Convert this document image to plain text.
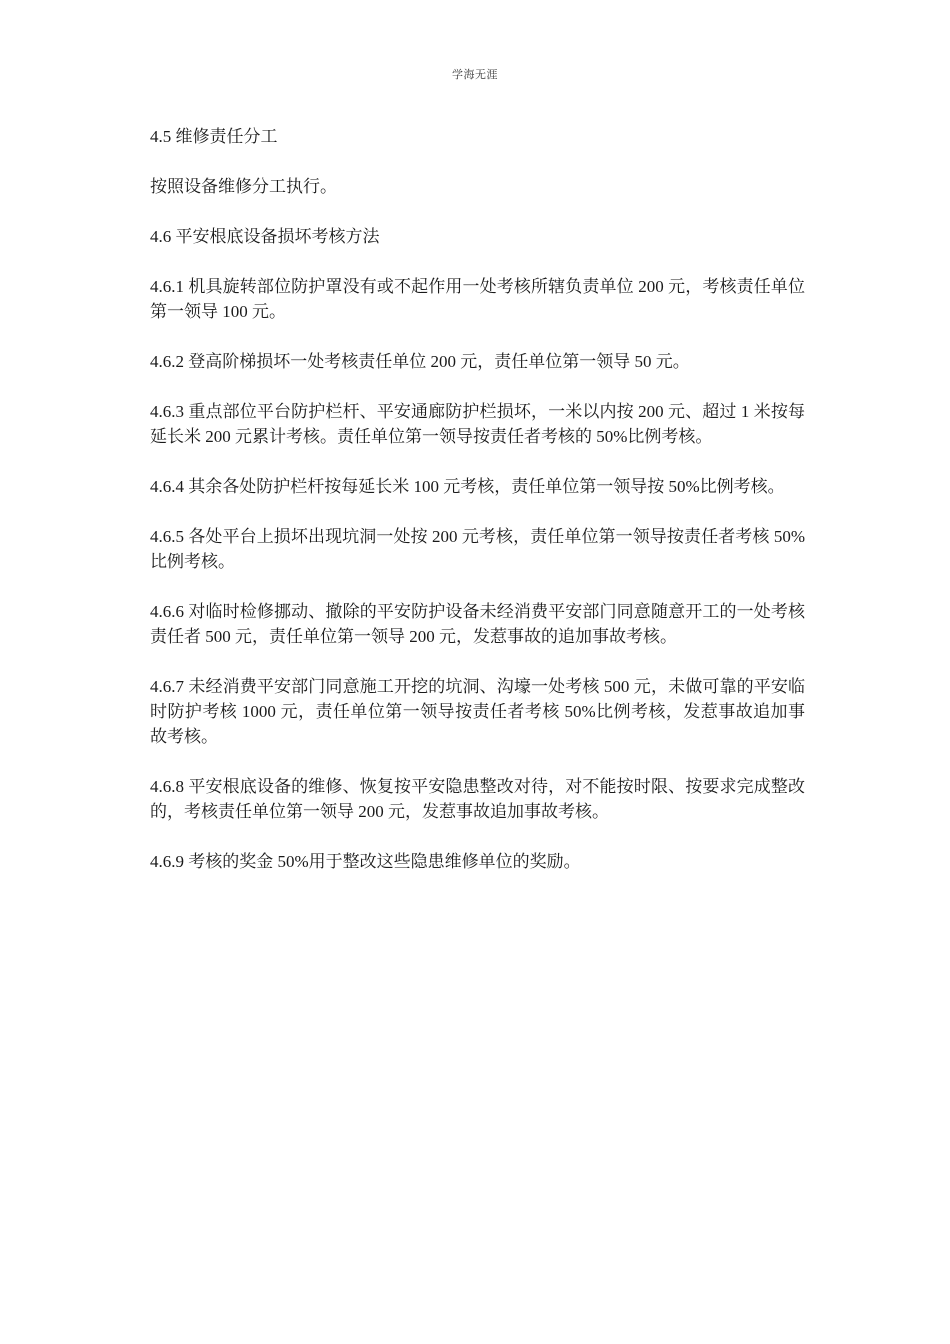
学海无涯

4.5 维修责任分工

按照设备维修分工执行。

4.6 平安根底设备损坏考核方法

4.6.1 机具旋转部位防护罩没有或不起作用一处考核所辖负责单位 200 元，考核责任单位第一领导 100 元。

4.6.2 登高阶梯损坏一处考核责任单位 200 元，责任单位第一领导 50 元。

4.6.3 重点部位平台防护栏杆、平安通廊防护栏损坏，一米以内按 200 元、超过 1 米按每延长米 200 元累计考核。责任单位第一领导按责任者考核的 50%比例考核。

4.6.4 其余各处防护栏杆按每延长米 100 元考核，责任单位第一领导按 50%比例考核。

4.6.5 各处平台上损坏出现坑洞一处按 200 元考核，责任单位第一领导按责任者考核 50%比例考核。

4.6.6 对临时检修挪动、撤除的平安防护设备未经消费平安部门同意随意开工的一处考核责任者 500 元，责任单位第一领导 200 元，发惹事故的追加事故考核。

4.6.7 未经消费平安部门同意施工开挖的坑洞、沟壕一处考核 500 元，未做可靠的平安临时防护考核 1000 元，责任单位第一领导按责任者考核 50%比例考核，发惹事故追加事故考核。

4.6.8 平安根底设备的维修、恢复按平安隐患整改对待，对不能按时限、按要求完成整改的，考核责任单位第一领导 200 元，发惹事故追加事故考核。

4.6.9 考核的奖金 50%用于整改这些隐患维修单位的奖励。
